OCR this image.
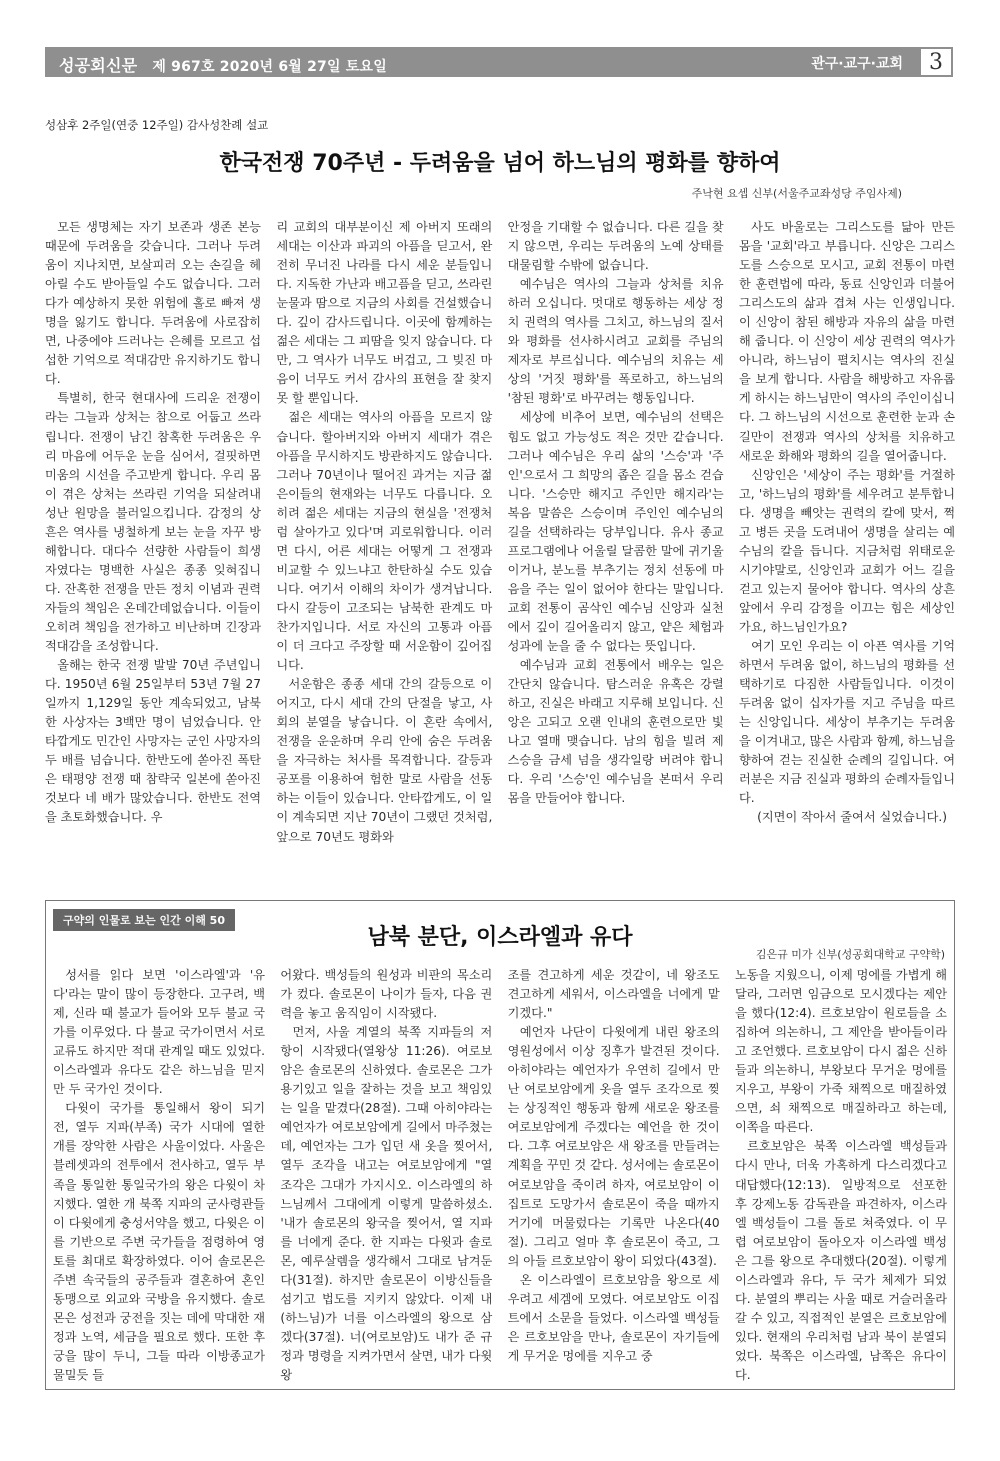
성공회신문 제 967호 2020년 6월 27일 토요일	관구·교구·교회	3
성삼후 2주일(연중 12주일) 감사성찬례 설교
한국전쟁 70주년 - 두려움을 넘어 하느님의 평화를 향하여
주낙현 요셉 신부(서울주교좌성당 주임사제)

모든 생명체는 자기 보존과 생존 본능 때문에 두려움을 갖습니다. 그러나 두려움이 지나치면, 보살피러 오는 손길을 헤아릴 수도 받아들일 수도 없습니다. 그러다가 예상하지 못한 위험에 홀로 빠져 생명을 잃기도 합니다. 두려움에 사로잡히면, 나중에야 드러나는 은혜를 모르고 섭섭한 기억으로 적대감만 유지하기도 합니다.

특별히, 한국 현대사에 드리운 전쟁이라는 그늘과 상처는 참으로 어둡고 쓰라립니다. 전쟁이 남긴 참혹한 두려움은 우리 마음에 어두운 눈을 심어서, 걸핏하면 미움의 시선을 주고받게 합니다. 우리 몸이 겪은 상처는 쓰라린 기억을 되살려내 성난 원망을 불러일으킵니다. 감정의 상흔은 역사를 냉철하게 보는 눈을 자꾸 방해합니다. 대다수 선량한 사람들이 희생자였다는 명백한 사실은 종종 잊혀집니다. 잔혹한 전쟁을 만든 정치 이념과 권력자들의 책임은 온데간데없습니다. 이들이 오히려 책임을 전가하고 비난하며 긴장과 적대감을 조성합니다.

올해는 한국 전쟁 발발 70년 주년입니다. 1950년 6월 25일부터 53년 7월 27일까지 1,129일 동안 계속되었고, 남북한 사상자는 3백만 명이 넘었습니다. 안타깝게도 민간인 사망자는 군인 사망자의 두 배를 넘습니다. 한반도에 쏟아진 폭탄은 태평양 전쟁 때 참략국 일본에 쏟아진 것보다 네 배가 많았습니다. 한반도 전역을 초토화했습니다. 우

리 교회의 대부분이신 제 아버지 또래의 세대는 이산과 파괴의 아픔을 딛고서, 완전히 무너진 나라를 다시 세운 분들입니다. 지독한 가난과 배고픔을 딛고, 쓰라린 눈물과 땀으로 지금의 사회를 건설했습니다. 깊이 감사드립니다. 이곳에 함께하는 젊은 세대는 그 피땀을 잊지 않습니다. 다만, 그 역사가 너무도 버겁고, 그 빚진 마음이 너무도 커서 감사의 표현을 잘 찾지 못 할 뿐입니다.

젊은 세대는 역사의 아픔을 모르지 않습니다. 할아버지와 아버지 세대가 겪은 아픔을 무시하지도 방관하지도 않습니다. 그러나 70년이나 떨어진 과거는 지금 젊은이들의 현재와는 너무도 다릅니다. 오히려 젊은 세대는 지금의 현실을 '전쟁처럼 살아가고 있다'며 괴로워합니다. 이러면 다시, 어른 세대는 어떻게 그 전쟁과 비교할 수 있느냐고 한탄하실 수도 있습니다. 여기서 이해의 차이가 생겨납니다. 다시 갈등이 고조되는 남북한 관계도 마찬가지입니다. 서로 자신의 고통과 아픔이 더 크다고 주장할 때 서운함이 깊어집니다.

서운함은 종종 세대 간의 갈등으로 이어지고, 다시 세대 간의 단절을 낳고, 사회의 분열을 낳습니다. 이 혼란 속에서, 전쟁을 운운하며 우리 안에 숨은 두려움을 자극하는 처사를 목격합니다. 갈등과 공포를 이용하여 험한 말로 사람을 선동하는 이들이 있습니다. 안타깝게도, 이 일이 계속되면 지난 70년이 그랬던 것처럼, 앞으로 70년도 평화와

안정을 기대할 수 없습니다. 다른 길을 찾지 않으면, 우리는 두려움의 노예 상태를 대물림할 수밖에 없습니다.

예수님은 역사의 그늘과 상처를 치유하러 오십니다. 멋대로 행동하는 세상 정치 권력의 역사를 그치고, 하느님의 질서와 평화를 선사하시려고 교회를 주님의 제자로 부르십니다. 예수님의 치유는 세상의 '거짓 평화'를 폭로하고, 하느님의 '참된 평화'로 바꾸려는 행동입니다.

세상에 비추어 보면, 예수님의 선택은 힘도 없고 가능성도 적은 것만 같습니다. 그러나 예수님은 우리 삶의 '스승'과 '주인'으로서 그 희망의 좁은 길을 몸소 걷습니다. '스승만 해지고 주인만 해지라'는 복음 말씀은 스승이며 주인인 예수님의 길을 선택하라는 당부입니다. 유사 종교 프로그램에나 어울릴 달콤한 말에 귀기울이거나, 분노를 부추기는 정치 선동에 마음을 주는 일이 없어야 한다는 말입니다. 교회 전통이 곰삭인 예수님 신앙과 실천에서 깊이 길어올리지 않고, 얕은 체험과 성과에 눈을 줄 수 없다는 뜻입니다.

예수님과 교회 전통에서 배우는 일은 간단치 않습니다. 탐스러운 유혹은 강렬하고, 진실은 바래고 지루해 보입니다. 신앙은 고되고 오랜 인내의 훈련으로만 빛나고 열매 맺습니다. 남의 힘을 빌려 제 스승을 금세 넘을 생각일랑 버려야 합니다. 우리 '스승'인 예수님을 본떠서 우리 몸을 만들어야 합니다.

사도 바울로는 그리스도를 닮아 만든 몸을 '교회'라고 부릅니다. 신앙은 그리스도를 스승으로 모시고, 교회 전통이 마련한 훈련법에 따라, 동료 신앙인과 더불어 그리스도의 삶과 겹쳐 사는 인생입니다. 이 신앙이 참된 해방과 자유의 삶을 마련해 줍니다. 이 신앙이 세상 권력의 역사가 아니라, 하느님이 펼치시는 역사의 진실을 보게 합니다. 사람을 해방하고 자유롭게 하시는 하느님만이 역사의 주인이십니다. 그 하느님의 시선으로 훈련한 눈과 손길만이 전쟁과 역사의 상처를 치유하고 새로운 화해와 평화의 길을 열어줍니다.

신앙인은 '세상이 주는 평화'를 거절하고, '하느님의 평화'를 세우려고 분투합니다. 생명을 빼앗는 권력의 칼에 맞서, 쩍고 병든 곳을 도려내어 생명을 살리는 예수님의 칼을 듭니다. 지금처럼 위태로운 시기야말로, 신앙인과 교회가 어느 길을 걷고 있는지 물어야 합니다. 역사의 상흔 앞에서 우리 감정을 이끄는 힘은 세상인가요, 하느님인가요?

여기 모인 우리는 이 아픈 역사를 기억하면서 두려움 없이, 하느님의 평화를 선택하기로 다짐한 사람들입니다. 이것이 두려움 없이 십자가를 지고 주님을 따르는 신앙입니다. 세상이 부추기는 두려움을 이겨내고, 많은 사람과 함께, 하느님을 향하여 걷는 진실한 순례의 길입니다. 여러분은 지금 진실과 평화의 순례자들입니다.

(지면이 작아서 줄여서 실었습니다.)

구약의 인물로 보는 인간 이해 50
남북 분단, 이스라엘과 유다
김은규 미가 신부(성공회대학교 구약학)

성서를 읽다 보면 '이스라엘'과 '유다'라는 말이 많이 등장한다. 고구려, 백제, 신라 때 불교가 들어와 모두 불교 국가를 이루었다. 다 불교 국가이면서 서로 교류도 하지만 적대 관계일 때도 있었다. 이스라엘과 유다도 같은 하느님을 믿지만 두 국가인 것이다.

다윗이 국가를 통일해서 왕이 되기 전, 열두 지파(부족) 국가 시대에 열한 개를 장악한 사람은 사울이었다. 사울은 블레셋과의 전투에서 전사하고, 열두 부족을 통일한 통일국가의 왕은 다윗이 차지했다. 열한 개 북쪽 지파의 군사령관들이 다윗에게 충성서약을 했고, 다윗은 이를 기반으로 주변 국가들을 점령하여 영토를 최대로 확장하였다. 이어 솔로몬은 주변 속국들의 공주들과 결혼하여 혼인동맹으로 외교와 국방을 유지했다. 솔로몬은 성전과 궁전을 짓는 데에 막대한 재정과 노역, 세금을 필요로 했다. 또한 후궁을 많이 두니, 그들 따라 이방종교가 물밀듯 들

어왔다. 백성들의 원성과 비판의 목소리가 컸다. 솔로몬이 나이가 들자, 다음 권력을 놓고 움직임이 시작됐다.

먼저, 사울 계열의 북쪽 지파들의 저항이 시작됐다(열왕상 11:26). 여로보암은 솔로몬의 신하였다. 솔로몬은 그가 용기있고 일을 잘하는 것을 보고 책임있는 일을 맡겼다(28절). 그때 아히야라는 예언자가 여로보암에게 길에서 마주쳤는데, 예언자는 그가 입던 새 옷을 찢어서, 열두 조각을 내고는 여로보암에게 "열 조각은 그대가 가지시오. 이스라엘의 하느님께서 그대에게 이렇게 말씀하셨소. '내가 솔로몬의 왕국을 찢어서, 열 지파를 너에게 준다. 한 지파는 다윗과 솔로몬, 예루살렘을 생각해서 그대로 남겨둔다(31절). 하지만 솔로몬이 이방신들을 섬기고 법도를 지키지 않았다. 이제 내(하느님)가 너를 이스라엘의 왕으로 삼겠다(37절). 너(여로보암)도 내가 준 규정과 명령을 지켜가면서 살면, 내가 다윗 왕

조를 견고하게 세운 것같이, 네 왕조도 견고하게 세워서, 이스라엘을 너에게 맡기겠다."

예언자 나단이 다윗에게 내린 왕조의 영원성에서 이상 징후가 발견된 것이다. 아히야라는 예언자가 우연히 길에서 만난 여로보암에게 옷을 열두 조각으로 찢는 상징적인 행동과 함께 새로운 왕조를 여로보암에게 주겠다는 예언을 한 것이다. 그후 여로보암은 새 왕조를 만들려는 계획을 꾸민 것 같다. 성서에는 솔로몬이 여로보암을 죽이려 하자, 여로보암이 이집트로 도망가서 솔로몬이 죽을 때까지 거기에 머물렀다는 기록만 나온다(40절). 그리고 얼마 후 솔로몬이 죽고, 그의 아들 르호보암이 왕이 되었다(43절).

온 이스라엘이 르호보암을 왕으로 세우려고 세겜에 모였다. 여로보암도 이집트에서 소문을 들었다. 이스라엘 백성들은 르호보암을 만나, 솔로몬이 자기들에게 무거운 멍에를 지우고 중

노동을 지웠으니, 이제 멍에를 가볍게 해달라, 그러면 임금으로 모시겠다는 제안을 했다(12:4). 르호보암이 원로들을 소집하여 의논하니, 그 제안을 받아들이라고 조언했다. 르호보암이 다시 젊은 신하들과 의논하니, 부왕보다 무거운 멍에를 지우고, 부왕이 가죽 채찍으로 매질하였으면, 쇠 채찍으로 매질하라고 하는데, 이쪽을 따른다.

르호보암은 북쪽 이스라엘 백성들과 다시 만나, 더욱 가혹하게 다스리겠다고 대답했다(12:13). 일방적으로 선포한 후 강제노동 감독관을 파견하자, 이스라엘 백성들이 그를 돌로 쳐죽였다. 이 무렵 여로보암이 돌아오자 이스라엘 백성은 그를 왕으로 추대했다(20절). 이렇게 이스라엘과 유다, 두 국가 체제가 되었다. 분열의 뿌리는 사울 때로 거슬러올라갈 수 있고, 직접적인 분열은 르호보암에 있다. 현재의 우리처럼 남과 북이 분열되었다. 북쪽은 이스라엘, 남쪽은 유다이다.
